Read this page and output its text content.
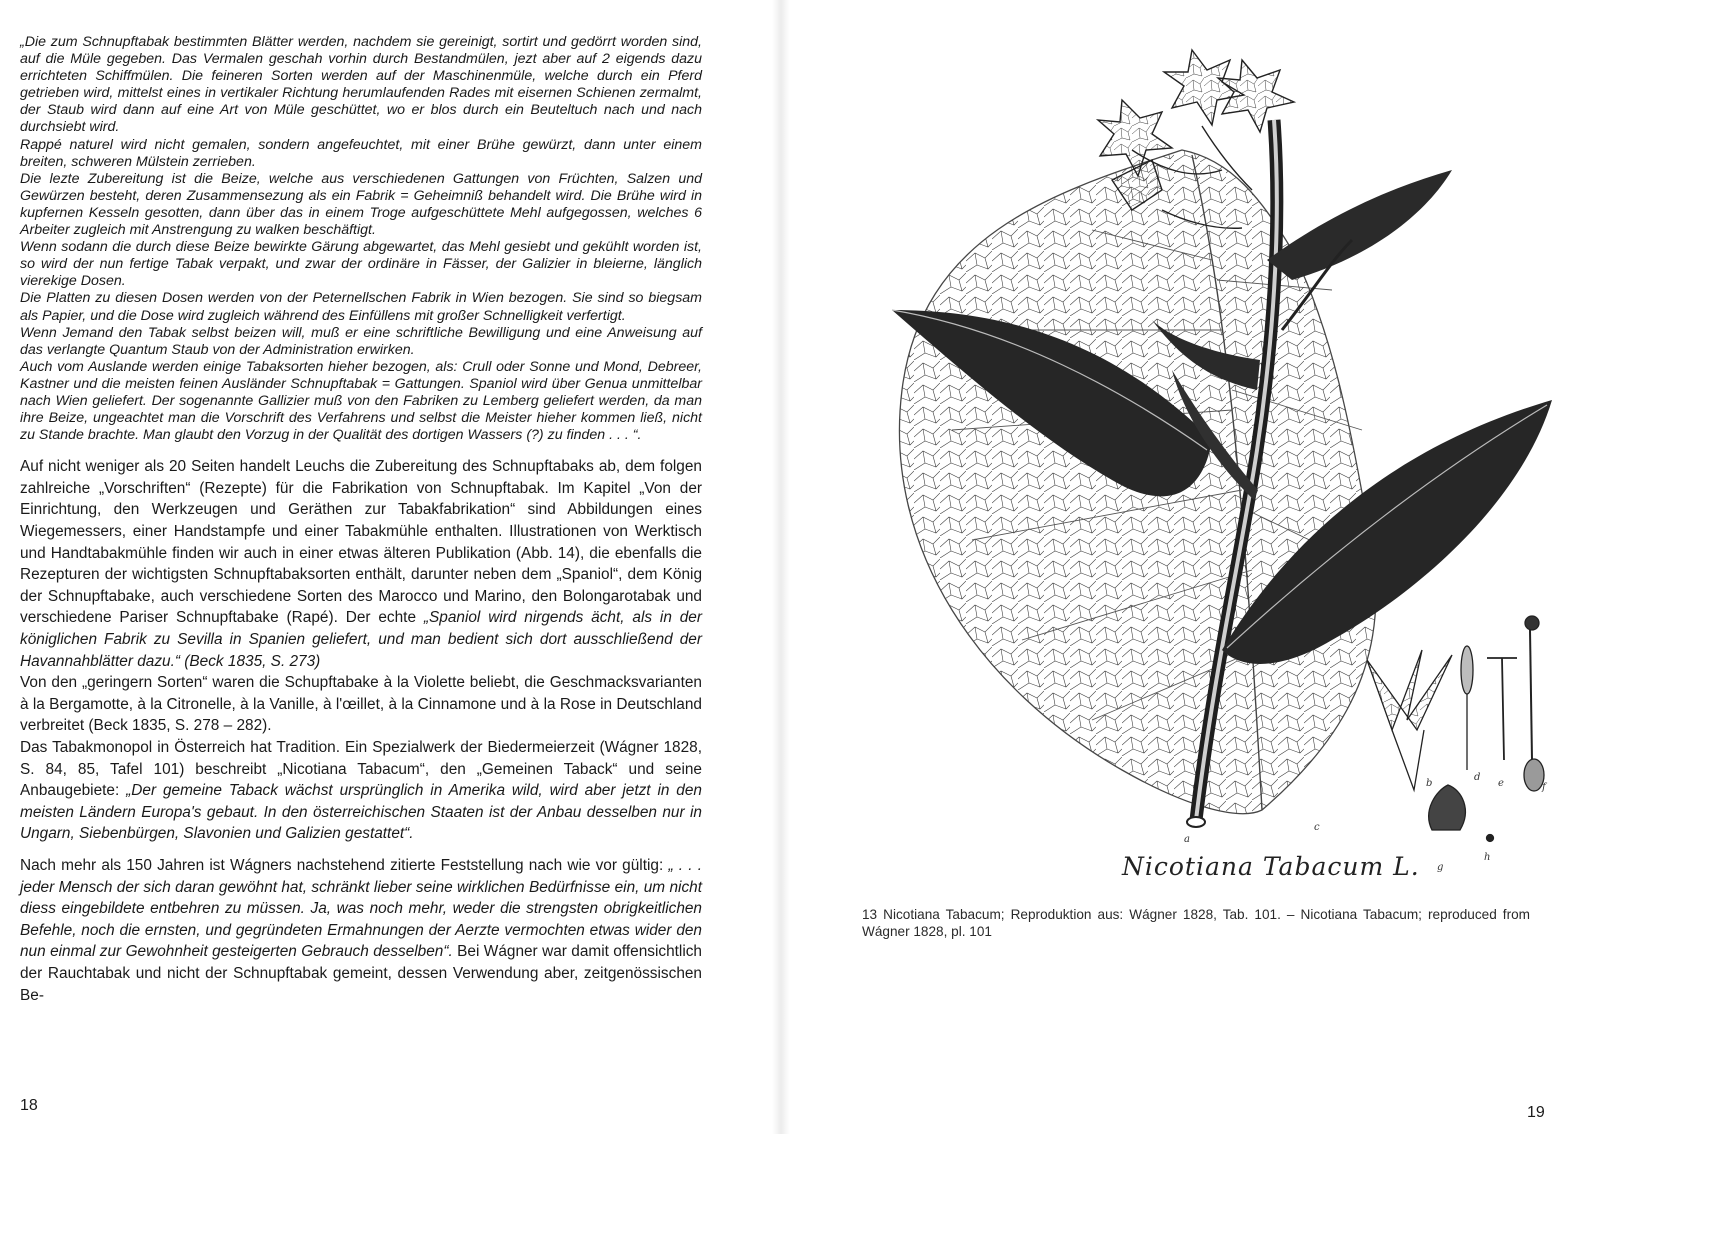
„Die zum Schnupftabak bestimmten Blätter werden, nachdem sie gereinigt, sortirt und gedörrt worden sind, auf die Müle gegeben. Das Vermalen geschah vorhin durch Bestandmülen, jezt aber auf 2 eigends dazu errichteten Schiffmülen. Die feineren Sorten werden auf der Maschinenmüle, welche durch ein Pferd getrieben wird, mittelst eines in vertikaler Richtung herumlaufenden Rades mit eisernen Schienen zermalmt, der Staub wird dann auf eine Art von Müle geschüttet, wo er blos durch ein Beuteltuch nach und nach durchsiebt wird.

Rappé naturel wird nicht gemalen, sondern angefeuchtet, mit einer Brühe gewürzt, dann unter einem breiten, schweren Mülstein zerrieben.

Die lezte Zubereitung ist die Beize, welche aus verschiedenen Gattungen von Früchten, Salzen und Gewürzen besteht, deren Zusammensezung als ein Fabrik = Geheimniß behandelt wird. Die Brühe wird in kupfernen Kesseln gesotten, dann über das in einem Troge aufgeschüttete Mehl aufgegossen, welches 6 Arbeiter zugleich mit Anstrengung zu walken beschäftigt.

Wenn sodann die durch diese Beize bewirkte Gärung abgewartet, das Mehl gesiebt und gekühlt worden ist, so wird der nun fertige Tabak verpakt, und zwar der ordinäre in Fässer, der Galizier in bleierne, länglich vierekige Dosen.

Die Platten zu diesen Dosen werden von der Peternellschen Fabrik in Wien bezogen. Sie sind so biegsam als Papier, und die Dose wird zugleich während des Einfüllens mit großer Schnelligkeit verfertigt.

Wenn Jemand den Tabak selbst beizen will, muß er eine schriftliche Bewilligung und eine Anweisung auf das verlangte Quantum Staub von der Administration erwirken.

Auch vom Auslande werden einige Tabaksorten hieher bezogen, als: Crull oder Sonne und Mond, Debreer, Kastner und die meisten feinen Ausländer Schnupftabak = Gattungen. Spaniol wird über Genua unmittelbar nach Wien geliefert. Der sogenannte Gallizier muß von den Fabriken zu Lemberg geliefert werden, da man ihre Beize, ungeachtet man die Vorschrift des Verfahrens und selbst die Meister hieher kommen ließ, nicht zu Stande brachte. Man glaubt den Vorzug in der Qualität des dortigen Wassers (?) zu finden . . . “.

Auf nicht weniger als 20 Seiten handelt Leuchs die Zubereitung des Schnupftabaks ab, dem folgen zahlreiche „Vorschriften“ (Rezepte) für die Fabrikation von Schnupftabak. Im Kapitel „Von der Einrichtung, den Werkzeugen und Geräthen zur Tabakfabrikation“ sind Abbildungen eines Wiegemessers, einer Handstampfe und einer Tabakmühle enthalten. Illustrationen von Werktisch und Handtabakmühle finden wir auch in einer etwas älteren Publikation (Abb. 14), die ebenfalls die Rezepturen der wichtigsten Schnupftabaksorten enthält, darunter neben dem „Spaniol“, dem König der Schnupftabake, auch verschiedene Sorten des Marocco und Marino, den Bolongarotabak und verschiedene Pariser Schnupftabake (Rapé). Der echte „Spaniol wird nirgends ächt, als in der königlichen Fabrik zu Sevilla in Spanien geliefert, und man bedient sich dort ausschließend der Havannahblätter dazu.“ (Beck 1835, S. 273)

Von den „geringern Sorten“ waren die Schupftabake à la Violette beliebt, die Geschmacksvarianten à la Bergamotte, à la Citronelle, à la Vanille, à l'œillet, à la Cinnamone und à la Rose in Deutschland verbreitet (Beck 1835, S. 278 – 282).

Das Tabakmonopol in Österreich hat Tradition. Ein Spezialwerk der Biedermeierzeit (Wágner 1828, S. 84, 85, Tafel 101) beschreibt „Nicotiana Tabacum“, den „Gemeinen Taback“ und seine Anbaugebiete: „Der gemeine Taback wächst ursprünglich in Amerika wild, wird aber jetzt in den meisten Ländern Europa's gebaut. In den österreichischen Staaten ist der Anbau desselben nur in Ungarn, Siebenbürgen, Slavonien und Galizien gestattet“.

Nach mehr als 150 Jahren ist Wágners nachstehend zitierte Feststellung nach wie vor gültig: „ . . . jeder Mensch der sich daran gewöhnt hat, schränkt lieber seine wirklichen Bedürfnisse ein, um nicht diess eingebildete entbehren zu müssen. Ja, was noch mehr, weder die strengsten obrigkeitlichen Befehle, noch die ernsten, und gegründeten Ermahnungen der Aerzte vermochten etwas wider den nun einmal zur Gewohnheit gesteigerten Gebrauch desselben“. Bei Wágner war damit offensichtlich der Rauchtabak und nicht der Schnupftabak gemeint, dessen Verwendung aber, zeitgenössischen Be-

18
a
c
b
d
e	f
g
h
Nicotiana Tabacum L.
13 Nicotiana Tabacum; Reproduktion aus: Wágner 1828, Tab. 101. – Nicotiana Tabacum; reproduced from Wágner 1828, pl. 101
19
